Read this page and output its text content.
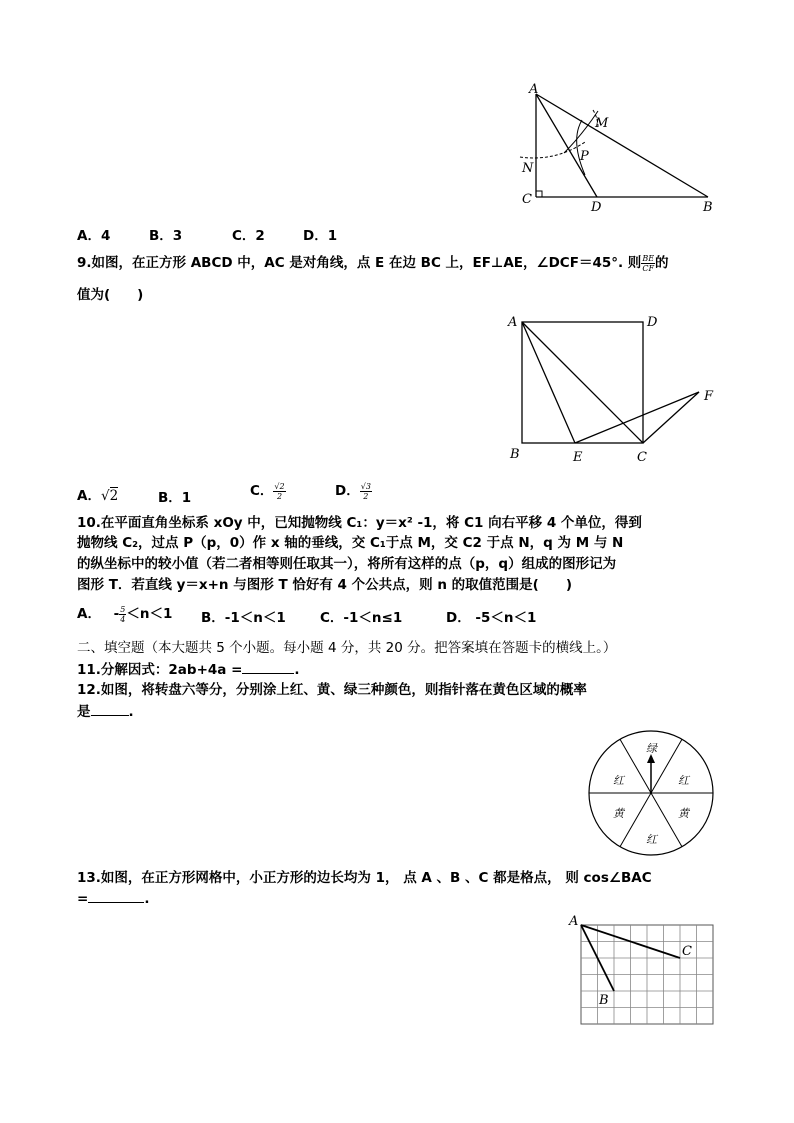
A
M
P
N
C
D	B
A．4	B．3	C．2	D．1
9.如图，在正方形 ABCD 中，AC 是对角线，点 E 在边 BC 上，EF⊥AE，∠DCF＝45°. 则 $\frac{BE}{CF}$ 的
值为(　　)
A	D
F
B	E	C
A．√2	B．1	C． $\frac{√2}{2}$	D． $\frac{√3}{2}$
10.在平面直角坐标系 xOy 中，已知抛物线 C₁：y＝x² -1，将 C1 向右平移 4 个单位，得到
抛物线 C₂，过点 P（p，0）作 x 轴的垂线，交 C₁于点 M，交 C2 于点 N，q 为 M 与 N
的纵坐标中的较小值（若二者相等则任取其一），将所有这样的点（p，q）组成的图形记为
图形 T．若直线 y＝x+n 与图形 T 恰好有 4 个公共点，则 n 的取值范围是(　　)
A． - $\frac{5}{4} <n<1$ B．-1＜n＜1	C．-1＜n≤1	D． -5＜n＜1
二、填空题（本大题共 5 个小题。每小题 4 分，共 20 分。把答案填在答题卡的横线上。）
11.分解因式：2ab+4a =	.
12.如图，将转盘六等分，分别涂上红、黄、绿三种颜色，则指针落在黄色区域的概率
是	.
绿
红	红
黄	黄
红
13.如图，在正方形网格中，小正方形的边长均为 1， 点 A 、B 、C 都是格点， 则 cos∠BAC
=	.
A
C
B
